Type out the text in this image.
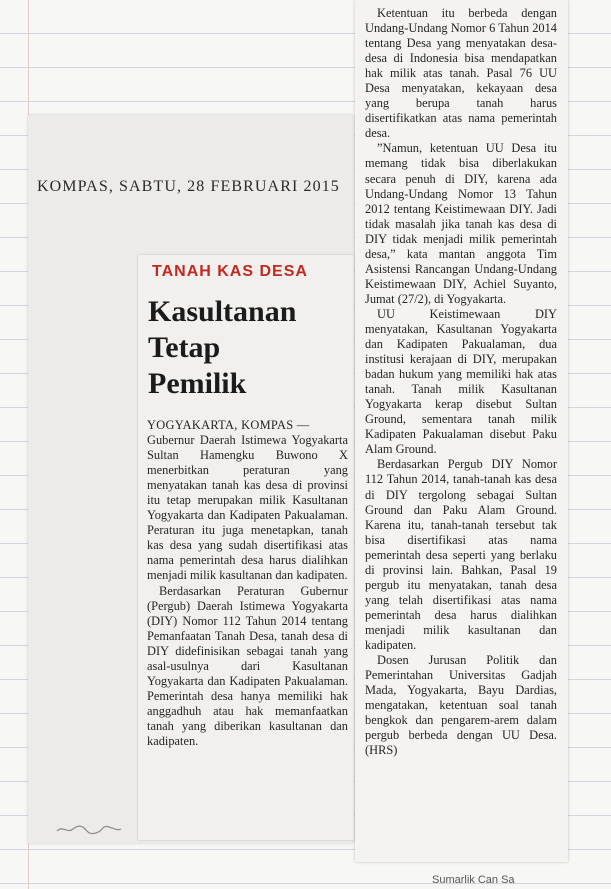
KOMPAS, SABTU, 28 FEBRUARI 2015
TANAH KAS DESA
Kasultanan
Tetap
Pemilik
YOGYAKARTA, KOMPAS —

Gubernur Daerah Istimewa Yogyakarta Sultan Hamengku Buwono X menerbitkan peraturan yang menyatakan tanah kas desa di provinsi itu tetap merupakan milik Kasultanan Yogyakarta dan Kadipaten Pakualaman. Peraturan itu juga menetapkan, tanah kas desa yang sudah disertifikasi atas nama pemerintah desa harus dialihkan menjadi milik kasultanan dan kadipaten.

Berdasarkan Peraturan Gubernur (Pergub) Daerah Istimewa Yogyakarta (DIY) Nomor 112 Tahun 2014 tentang Pemanfaatan Tanah Desa, tanah desa di DIY didefinisikan sebagai tanah yang asal-usulnya dari Kasultanan Yogyakarta dan Kadipaten Pakualaman. Pemerintah desa hanya memiliki hak anggadhuh atau hak memanfaatkan tanah yang diberikan kasultanan dan kadipaten.

Ketentuan itu berbeda dengan Undang-Undang Nomor 6 Tahun 2014 tentang Desa yang menyatakan desa-desa di Indonesia bisa mendapatkan hak milik atas tanah. Pasal 76 UU Desa menyatakan, kekayaan desa yang berupa tanah harus disertifikatkan atas nama pemerintah desa.

”Namun, ketentuan UU Desa itu memang tidak bisa diberlakukan secara penuh di DIY, karena ada Undang-Undang Nomor 13 Tahun 2012 tentang Keistimewaan DIY. Jadi tidak masalah jika tanah kas desa di DIY tidak menjadi milik pemerintah desa,” kata mantan anggota Tim Asistensi Rancangan Undang-Undang Keistimewaan DIY, Achiel Suyanto, Jumat (27/2), di Yogyakarta.

UU Keistimewaan DIY menyatakan, Kasultanan Yogyakarta dan Kadipaten Pakualaman, dua institusi kerajaan di DIY, merupakan badan hukum yang memiliki hak atas tanah. Tanah milik Kasultanan Yogyakarta kerap disebut Sultan Ground, sementara tanah milik Kadipaten Pakualaman disebut Paku Alam Ground.

Berdasarkan Pergub DIY Nomor 112 Tahun 2014, tanah-tanah kas desa di DIY tergolong sebagai Sultan Ground dan Paku Alam Ground. Karena itu, tanah-tanah tersebut tak bisa disertifikasi atas nama pemerintah desa seperti yang berlaku di provinsi lain. Bahkan, Pasal 19 pergub itu menyatakan, tanah desa yang telah disertifikasi atas nama pemerintah desa harus dialihkan menjadi milik kasultanan dan kadipaten.

Dosen Jurusan Politik dan Pemerintahan Universitas Gadjah Mada, Yogyakarta, Bayu Dardias, mengatakan, ketentuan soal tanah bengkok dan pengarem-arem dalam pergub berbeda dengan UU Desa. (HRS)

Sumarlik Can Sa
